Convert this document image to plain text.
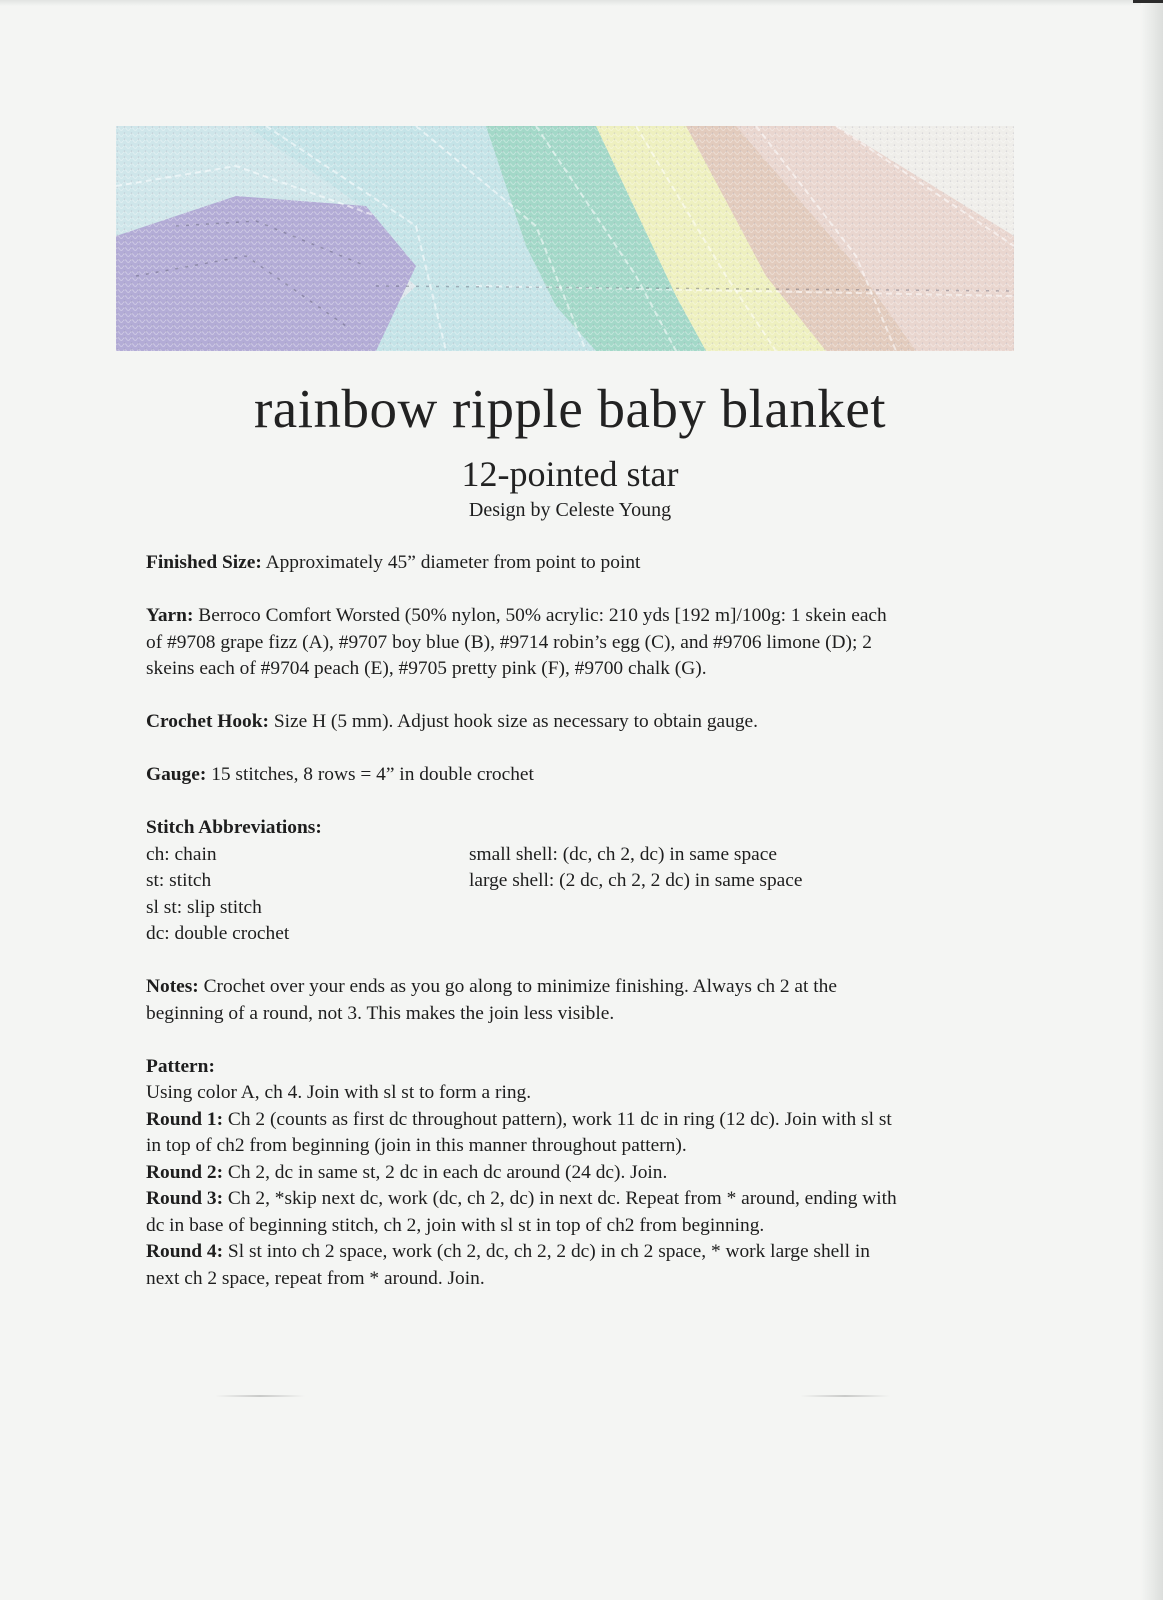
rainbow ripple baby blanket
12-pointed star
Design by Celeste Young

Finished Size: Approximately 45” diameter from point to point

Yarn: Berroco Comfort Worsted (50% nylon, 50% acrylic: 210 yds [192 m]/100g: 1 skein each

of #9708 grape fizz (A), #9707 boy blue (B), #9714 robin’s egg (C), and #9706 limone (D); 2

skeins each of #9704 peach (E), #9705 pretty pink (F), #9700 chalk (G).

Crochet Hook: Size H (5 mm). Adjust hook size as necessary to obtain gauge.

Gauge: 15 stitches, 8 rows = 4” in double crochet

Stitch Abbreviations:

ch: chain

st: stitch

sl st: slip stitch

dc: double crochet

small shell: (dc, ch 2, dc) in same space

large shell: (2 dc, ch 2, 2 dc) in same space

Notes: Crochet over your ends as you go along to minimize finishing. Always ch 2 at the

beginning of a round, not 3. This makes the join less visible.

Pattern:

Using color A, ch 4. Join with sl st to form a ring.

Round 1: Ch 2 (counts as first dc throughout pattern), work 11 dc in ring (12 dc). Join with sl st

in top of ch2 from beginning (join in this manner throughout pattern).

Round 2: Ch 2, dc in same st, 2 dc in each dc around (24 dc). Join.

Round 3: Ch 2, *skip next dc, work (dc, ch 2, dc) in next dc. Repeat from * around, ending with

dc in base of beginning stitch, ch 2, join with sl st in top of ch2 from beginning.

Round 4: Sl st into ch 2 space, work (ch 2, dc, ch 2, 2 dc) in ch 2 space, * work large shell in

next ch 2 space, repeat from * around. Join.
